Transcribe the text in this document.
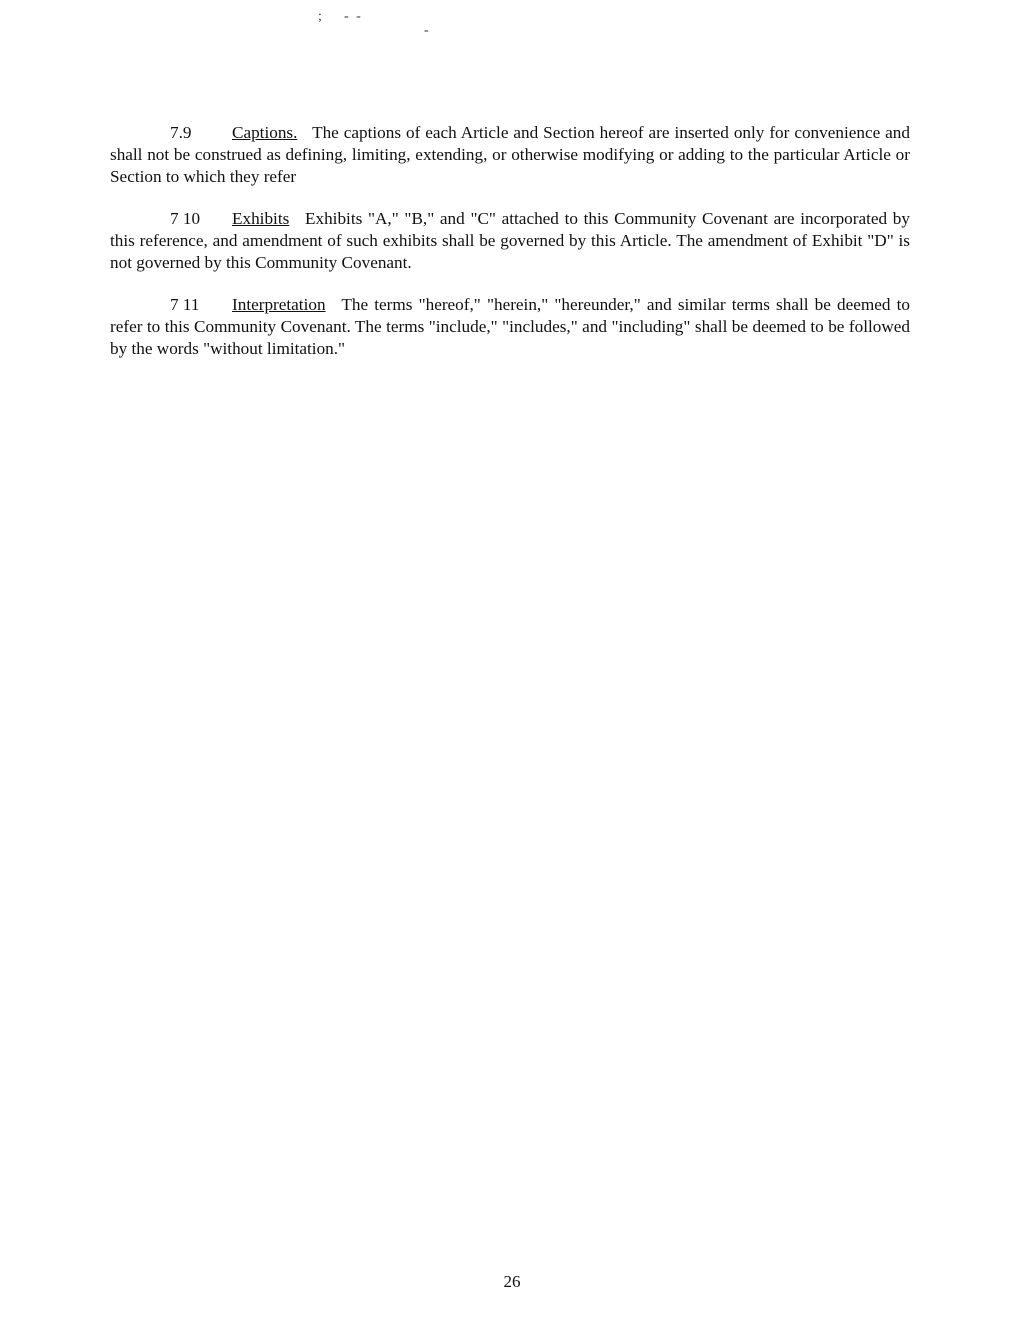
; - -
-

7.9 Captions. The captions of each Article and Section hereof are inserted only for convenience and shall not be construed as defining, limiting, extending, or otherwise modifying or adding to the particular Article or Section to which they refer

7 10 Exhibits Exhibits "A," "B," and "C" attached to this Community Covenant are incorporated by this reference, and amendment of such exhibits shall be governed by this Article. The amendment of Exhibit "D" is not governed by this Community Covenant.

7 11 Interpretation The terms "hereof," "herein," "hereunder," and similar terms shall be deemed to refer to this Community Covenant. The terms "include," "includes," and "including" shall be deemed to be followed by the words "without limitation."

26
